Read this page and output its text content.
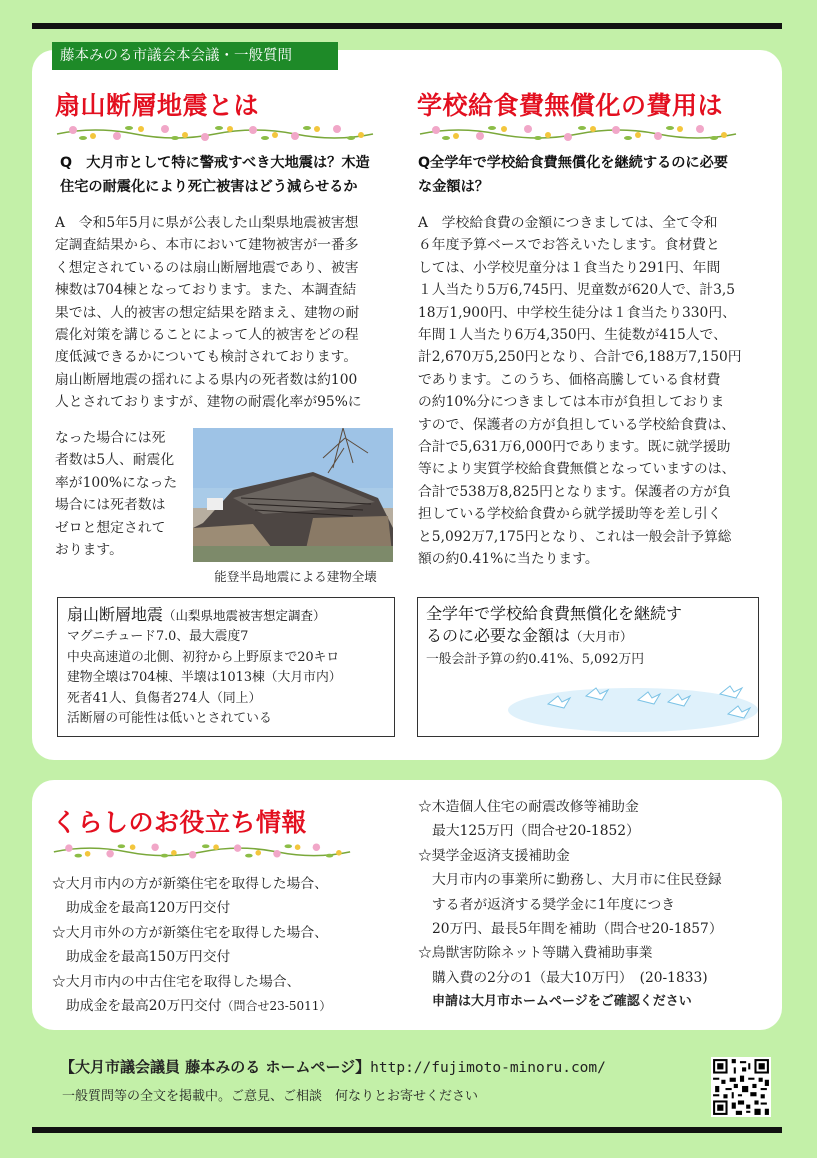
藤本みのる市議会本会議・一般質問
扇山断層地震とは
Q　大月市として特に警戒すべき大地震は？木造
住宅の耐震化により死亡被害はどう減らせるか

A　令和5年5月に県が公表した山梨県地震被害想

定調査結果から、本市において建物被害が一番多

く想定されているのは扇山断層地震であり、被害

棟数は704棟となっております。また、本調査結

果では、人的被害の想定結果を踏まえ、建物の耐

震化対策を講じることによって人的被害をどの程

度低減できるかについても検討されております。

扇山断層地震の揺れによる県内の死者数は約100

人とされておりますが、建物の耐震化率が95%に

なった場合には死

者数は5人、耐震化

率が100%になった

場合には死者数は

ゼロと想定されて

おります。

能登半島地震による建物全壊
扇山断層地震（山梨県地震被害想定調査）
マグニチュード7.0、最大震度7
中央高速道の北側、初狩から上野原まで20キロ
建物全壊は704棟、半壊は1013棟（大月市内）
死者41人、負傷者274人（同上）
活断層の可能性は低いとされている
学校給食費無償化の費用は
Q全学年で学校給食費無償化を継続するのに必要
な金額は？

A　学校給食費の金額につきましては、全て令和

６年度予算ベースでお答えいたします。食材費と

しては、小学校児童分は１食当たり291円、年間

１人当たり5万6,745円、児童数が620人で、計3,5

18万1,900円、中学校生徒分は１食当たり330円、

年間１人当たり6万4,350円、生徒数が415人で、

計2,670万5,250円となり、合計で6,188万7,150円

であります。このうち、価格高騰している食材費

の約10%分につきましては本市が負担しておりま

すので、保護者の方が負担している学校給食費は、

合計で5,631万6,000円であります。既に就学援助

等により実質学校給食費無償となっていますのは、

合計で538万8,825円となります。保護者の方が負

担している学校給食費から就学援助等を差し引く

と5,092万7,175円となり、これは一般会計予算総

額の約0.41%に当たります。

全学年で学校給食費無償化を継続す
るのに必要な金額は（大月市）
一般会計予算の約0.41%、5,092万円
くらしのお役立ち情報
☆大月市内の方が新築住宅を取得した場合、
助成金を最高120万円交付
☆大月市外の方が新築住宅を取得した場合、
助成金を最高150万円交付
☆大月市内の中古住宅を取得した場合、
助成金を最高20万円交付（問合せ23-5011）
☆木造個人住宅の耐震改修等補助金
最大125万円（問合せ20-1852）
☆奨学金返済支援補助金
大月市内の事業所に勤務し、大月市に住民登録
する者が返済する奨学金に1年度につき
20万円、最長5年間を補助（問合せ20-1857）
☆鳥獣害防除ネット等購入費補助事業
購入費の2分の1（最大10万円）　(20-1833)
申請は大月市ホームページをご確認ください
【大月市議会議員 藤本みのる ホームページ】http://fujimoto-minoru.com/
一般質問等の全文を掲載中。ご意見、ご相談　何なりとお寄せください
